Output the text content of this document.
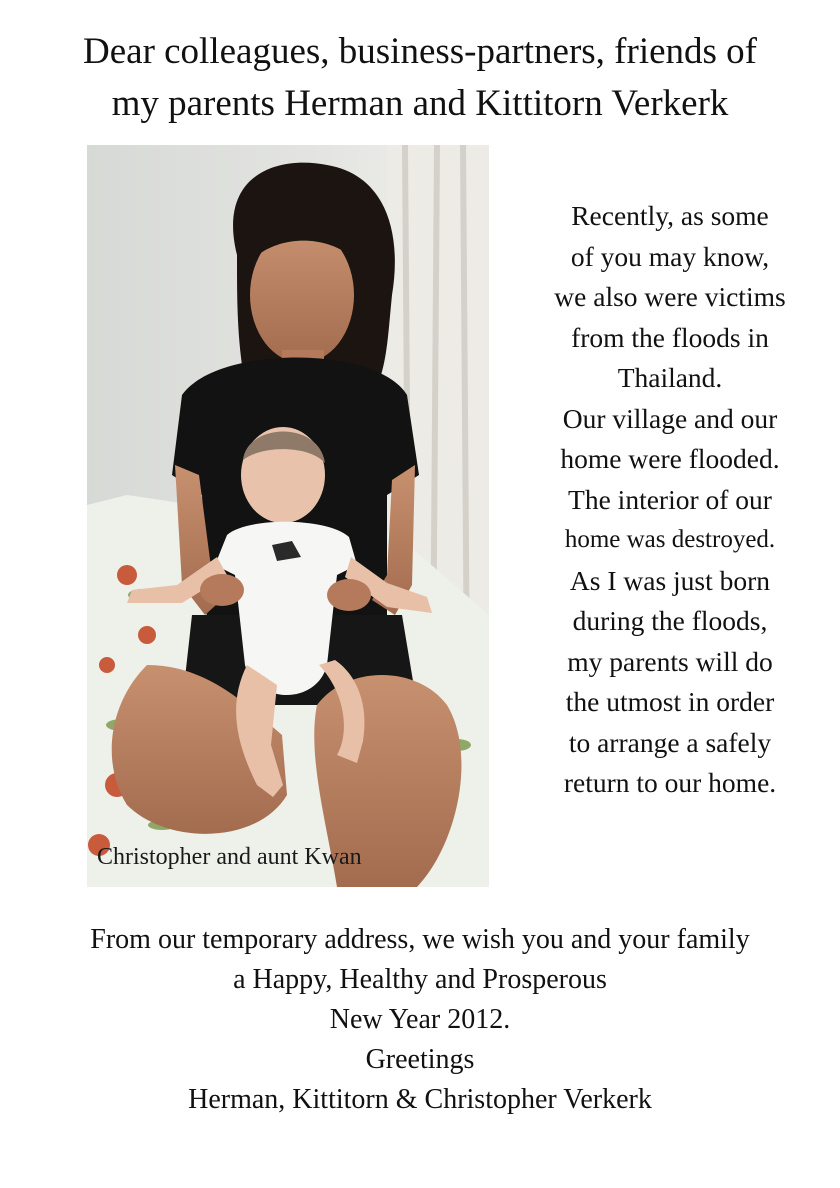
Dear colleagues, business-partners, friends of
my parents Herman and Kittitorn Verkerk
Christopher and aunt Kwan
Recently, as some
of you may know,
we also were victims
from the floods in
Thailand.
Our village and our
home were flooded.
The interior of our
home was destroyed.
As I was just born
during the floods,
my parents will do
the utmost in order
to arrange a safely
return to our home.
From our temporary address, we wish you and your family
a Happy, Healthy and Prosperous
New Year 2012.
Greetings
Herman, Kittitorn & Christopher Verkerk
